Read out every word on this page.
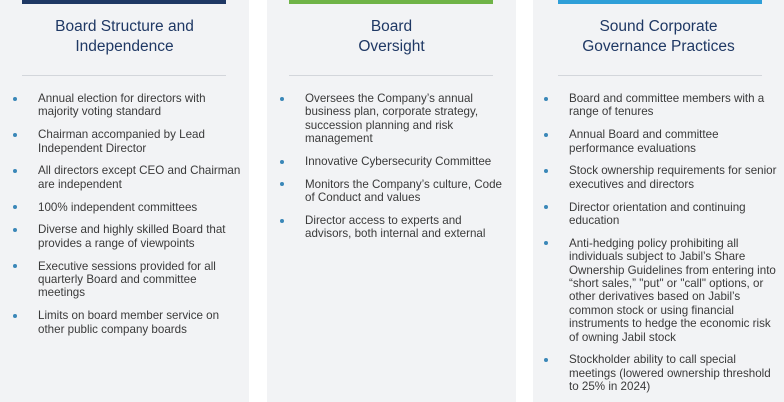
Board Structure and
Independence
Annual election for directors with majority voting standard
Chairman accompanied by Lead Independent Director
All directors except CEO and Chairman are independent
100% independent committees
Diverse and highly skilled Board that provides a range of viewpoints
Executive sessions provided for all quarterly Board and committee meetings
Limits on board member service on other public company boards
Board
Oversight
Oversees the Company’s annual business plan, corporate strategy, succession planning and risk management
Innovative Cybersecurity Committee
Monitors the Company’s culture, Code of Conduct and values
Director access to experts and advisors, both internal and external
Sound Corporate
Governance Practices
Board and committee members with a range of tenures
Annual Board and committee performance evaluations
Stock ownership requirements for senior executives and directors
Director orientation and continuing education
Anti-hedging policy prohibiting all individuals subject to Jabil’s Share Ownership Guidelines from entering into “short sales,” "put" or "call" options, or other derivatives based on Jabil’s common stock or using financial instruments to hedge the economic risk of owning Jabil stock
Stockholder ability to call special meetings (lowered ownership threshold to 25% in 2024)
